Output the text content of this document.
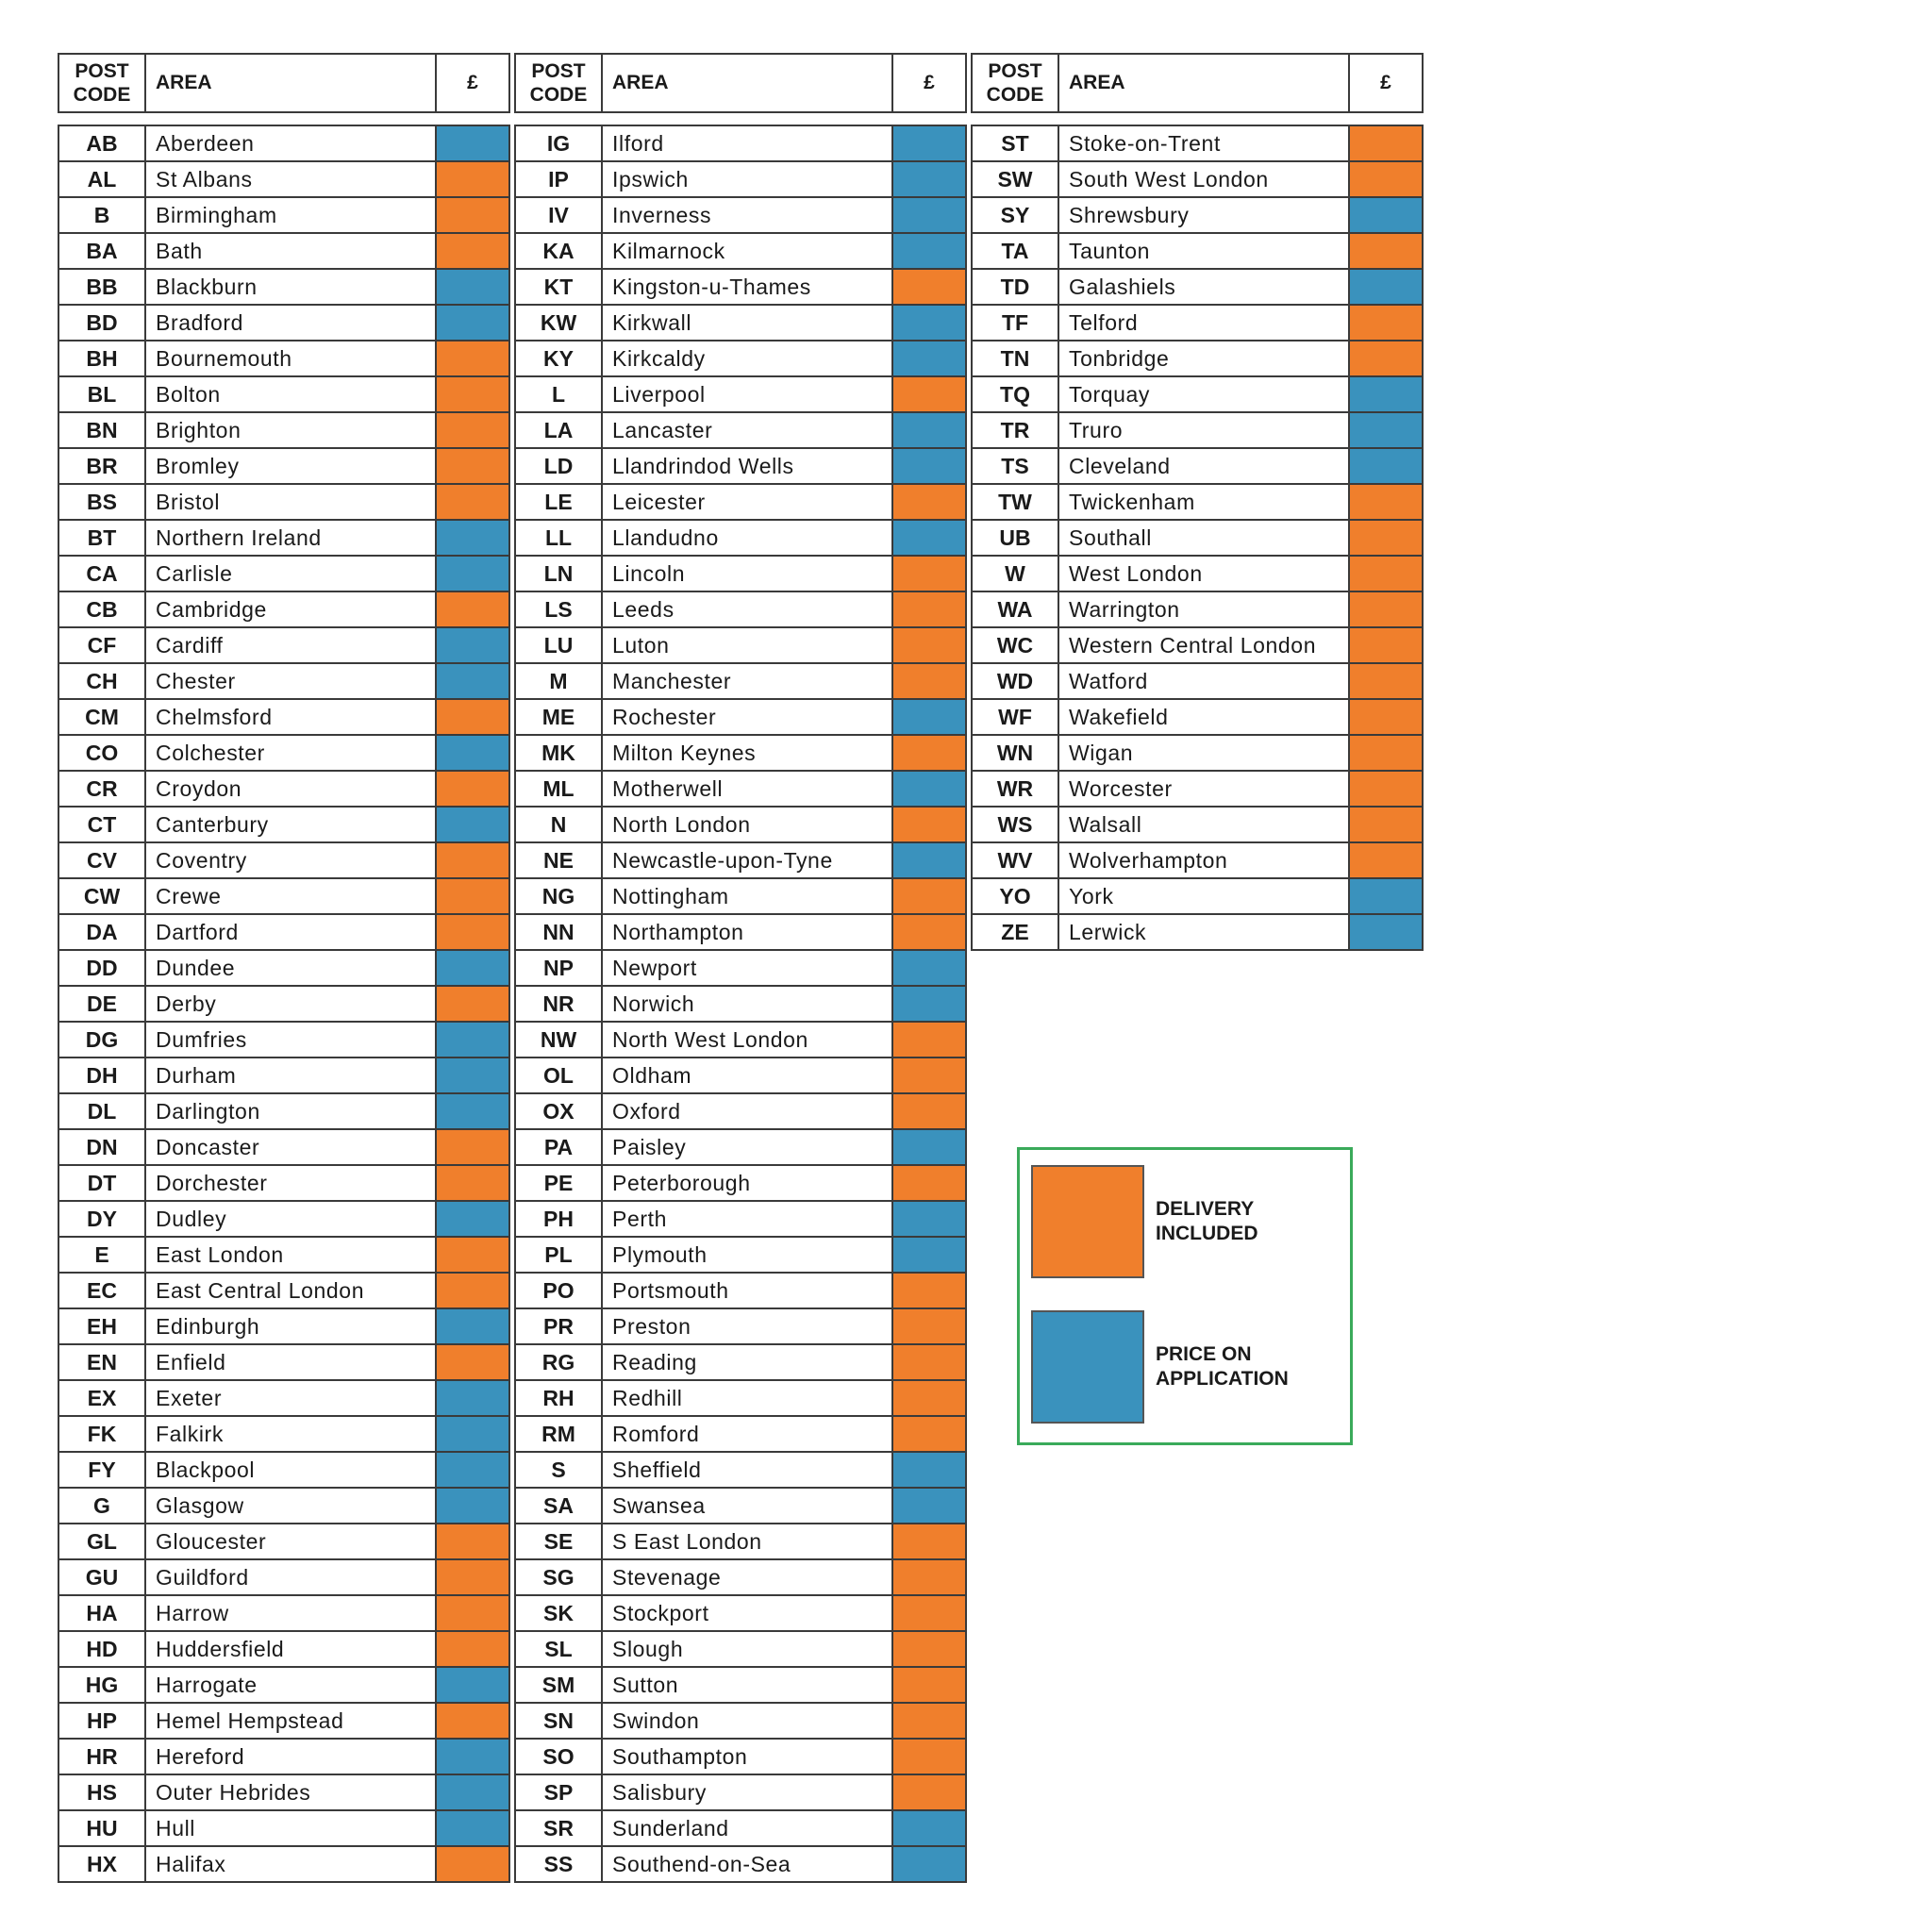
POST CODE
AREA	£
AB	Aberdeen
AL	St Albans
B	Birmingham
BA	Bath
BB	Blackburn
BD	Bradford
BH	Bournemouth
BL	Bolton
BN	Brighton
BR	Bromley
BS	Bristol
BT	Northern Ireland
CA	Carlisle
CB	Cambridge
CF	Cardiff
CH	Chester
CM	Chelmsford
CO	Colchester
CR	Croydon
CT	Canterbury
CV	Coventry
CW	Crewe
DA	Dartford
DD	Dundee
DE	Derby
DG	Dumfries
DH	Durham
DL	Darlington
DN	Doncaster
DT	Dorchester
DY	Dudley
E	East London
EC	East Central London
EH	Edinburgh
EN	Enfield
EX	Exeter
FK	Falkirk
FY	Blackpool
G	Glasgow
GL	Gloucester
GU	Guildford
HA	Harrow
HD	Huddersfield
HG	Harrogate
HP	Hemel Hempstead
HR	Hereford
HS	Outer Hebrides
HU	Hull
HX	Halifax
POST CODE
AREA	£
IG	Ilford
IP	Ipswich
IV	Inverness
KA	Kilmarnock
KT	Kingston-u-Thames
KW	Kirkwall
KY	Kirkcaldy
L	Liverpool
LA	Lancaster
LD	Llandrindod Wells
LE	Leicester
LL	Llandudno
LN	Lincoln
LS	Leeds
LU	Luton
M	Manchester
ME	Rochester
MK	Milton Keynes
ML	Motherwell
N	North London
NE	Newcastle-upon-Tyne
NG	Nottingham
NN	Northampton
NP	Newport
NR	Norwich
NW	North West London
OL	Oldham
OX	Oxford
PA	Paisley
PE	Peterborough
PH	Perth
PL	Plymouth
PO	Portsmouth
PR	Preston
RG	Reading
RH	Redhill
RM	Romford
S	Sheffield
SA	Swansea
SE	S East London
SG	Stevenage
SK	Stockport
SL	Slough
SM	Sutton
SN	Swindon
SO	Southampton
SP	Salisbury
SR	Sunderland
SS	Southend-on-Sea
POST CODE
AREA	£
ST	Stoke-on-Trent
SW	South West London
SY	Shrewsbury
TA	Taunton
TD	Galashiels
TF	Telford
TN	Tonbridge
TQ	Torquay
TR	Truro
TS	Cleveland
TW	Twickenham
UB	Southall
W	West London
WA	Warrington
WC	Western Central London
WD	Watford
WF	Wakefield
WN	Wigan
WR	Worcester
WS	Walsall
WV	Wolverhampton
YO	York
ZE	Lerwick
DELIVERY INCLUDED
PRICE ON APPLICATION
